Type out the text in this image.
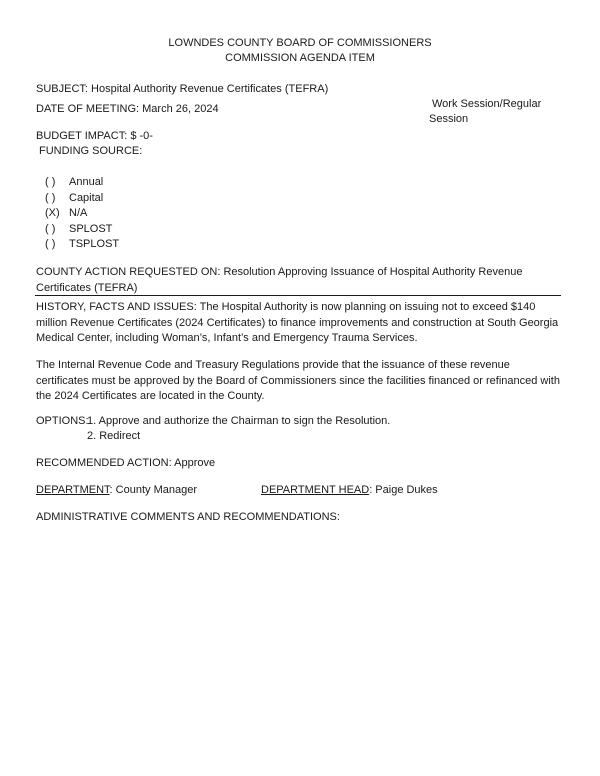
LOWNDES COUNTY BOARD OF COMMISSIONERS
COMMISSION AGENDA ITEM
SUBJECT: Hospital Authority Revenue Certificates (TEFRA)
DATE OF MEETING: March 26, 2024	Work Session/Regular
Session
BUDGET IMPACT: $ -0-
FUNDING SOURCE:
( ) Annual
( ) Capital
(X) N/A
( ) SPLOST
( ) TSPLOST
COUNTY ACTION REQUESTED ON: Resolution Approving Issuance of Hospital Authority Revenue Certificates (TEFRA)
HISTORY, FACTS AND ISSUES: The Hospital Authority is now planning on issuing not to exceed $140 million Revenue Certificates (2024 Certificates) to finance improvements and construction at South Georgia Medical Center, including Woman’s, Infant’s and Emergency Trauma Services.
The Internal Revenue Code and Treasury Regulations provide that the issuance of these revenue certificates must be approved by the Board of Commissioners since the facilities financed or refinanced with the 2024 Certificates are located in the County.
OPTIONS:
1. Approve and authorize the Chairman to sign the Resolution.
2. Redirect
RECOMMENDED ACTION: Approve
DEPARTMENT: County Manager	DEPARTMENT HEAD: Paige Dukes
ADMINISTRATIVE COMMENTS AND RECOMMENDATIONS:
